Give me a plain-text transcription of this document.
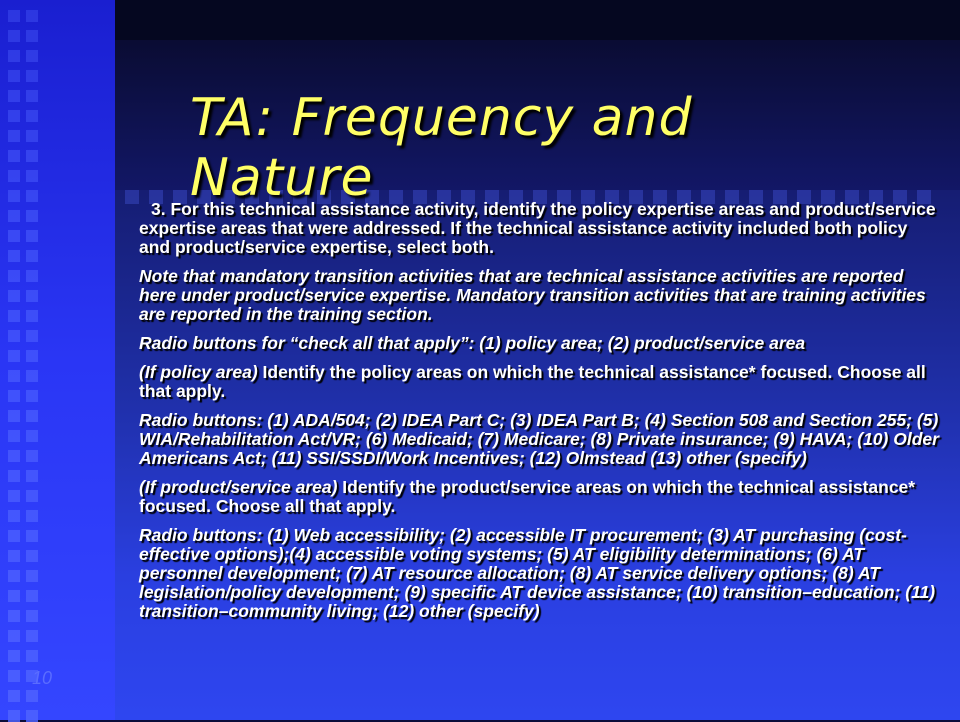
TA: Frequency and Nature

3. For this technical assistance activity, identify the policy expertise areas and product/service expertise areas that were addressed. If the technical assistance activity included both policy and product/service expertise, select both.

Note that mandatory transition activities that are technical assistance activities are reported here under product/service expertise. Mandatory transition activities that are training activities are reported in the training section.

Radio buttons for “check all that apply”: (1) policy area; (2) product/service area

(If policy area) Identify the policy areas on which the technical assistance* focused. Choose all that apply.

Radio buttons: (1) ADA/504; (2) IDEA Part C; (3) IDEA Part B; (4) Section 508 and Section 255; (5) WIA/Rehabilitation Act/VR; (6) Medicaid; (7) Medicare; (8) Private insurance; (9) HAVA; (10) Older Americans Act; (11) SSI/SSDI/Work Incentives; (12) Olmstead (13) other (specify)

(If product/service area) Identify the product/service areas on which the technical assistance* focused. Choose all that apply.

Radio buttons: (1) Web accessibility; (2) accessible IT procurement; (3) AT purchasing (cost-effective options);(4) accessible voting systems; (5) AT eligibility determinations; (6) AT personnel development; (7) AT resource allocation; (8) AT service delivery options; (8) AT legislation/policy development; (9) specific AT device assistance; (10) transition–education; (11) transition–community living; (12) other (specify)

10
